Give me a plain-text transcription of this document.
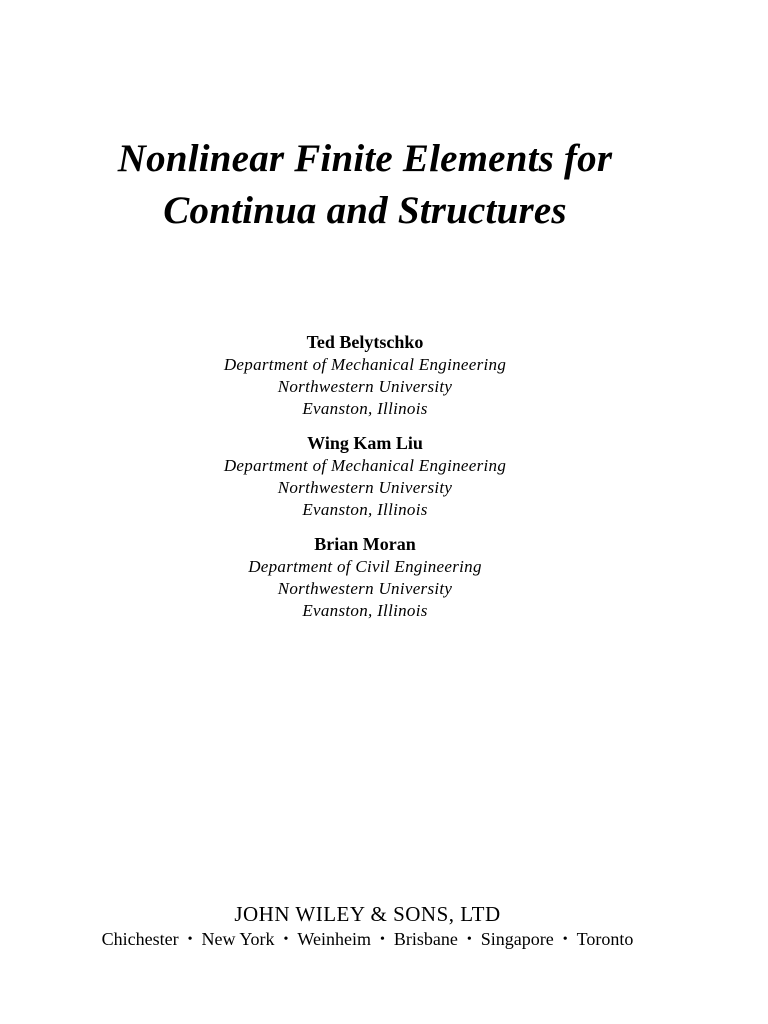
Nonlinear Finite Elements for
Continua and Structures
Ted Belytschko
Department of Mechanical Engineering
Northwestern University
Evanston, Illinois
Wing Kam Liu
Department of Mechanical Engineering
Northwestern University
Evanston, Illinois
Brian Moran
Department of Civil Engineering
Northwestern University
Evanston, Illinois
JOHN WILEY & SONS, LTD
Chichester • New York • Weinheim • Brisbane • Singapore • Toronto
